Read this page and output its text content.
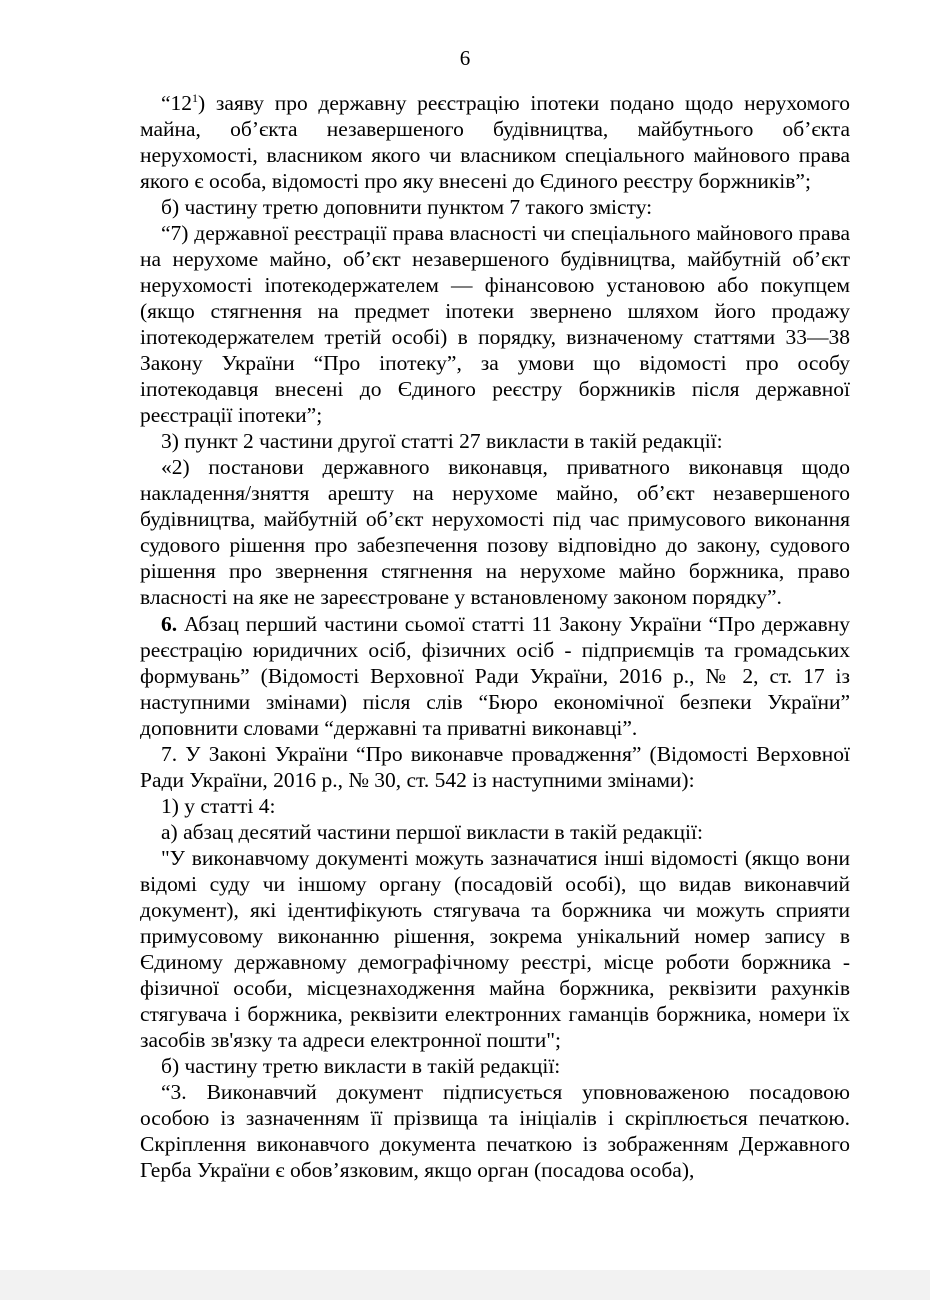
6

“$12^1$) заяву про державну реєстрацію іпотеки подано щодо нерухомого майна, об’єкта незавершеного будівництва, майбутнього об’єкта нерухомості, власником якого чи власником спеціального майнового права якого є особа, відомості про яку внесені до Єдиного реєстру боржників”;

б) частину третю доповнити пунктом 7 такого змісту:

“7) державної реєстрації права власності чи спеціального майнового права на нерухоме майно, об’єкт незавершеного будівництва, майбутній об’єкт нерухомості іпотекодержателем — фінансовою установою або покупцем (якщо стягнення на предмет іпотеки звернено шляхом його продажу іпотекодержателем третій особі) в порядку, визначеному статтями 33—38 Закону України “Про іпотеку”, за умови що відомості про особу іпотекодавця внесені до Єдиного реєстру боржників після державної реєстрації іпотеки”;

3) пункт 2 частини другої статті 27 викласти в такій редакції:

«2) постанови державного виконавця, приватного виконавця щодо накладення/зняття арешту на нерухоме майно, об’єкт незавершеного будівництва, майбутній об’єкт нерухомості під час примусового виконання судового рішення про забезпечення позову відповідно до закону, судового рішення про звернення стягнення на нерухоме майно боржника, право власності на яке не зареєстроване у встановленому законом порядку”.

6. Абзац перший частини сьомої статті 11 Закону України “Про державну реєстрацію юридичних осіб, фізичних осіб - підприємців та громадських формувань” (Відомості Верховної Ради України, 2016 р., № 2, ст. 17 із наступними змінами) після слів “Бюро економічної безпеки України” доповнити словами “державні та приватні виконавці”.

7. У Законі України “Про виконавче провадження” (Відомості Верховної Ради України, 2016 р., № 30, ст. 542 із наступними змінами):

1) у статті 4:

а) абзац десятий частини першої викласти в такій редакції:

"У виконавчому документі можуть зазначатися інші відомості (якщо вони відомі суду чи іншому органу (посадовій особі), що видав виконавчий документ), які ідентифікують стягувача та боржника чи можуть сприяти примусовому виконанню рішення, зокрема унікальний номер запису в Єдиному державному демографічному реєстрі, місце роботи боржника - фізичної особи, місцезнаходження майна боржника, реквізити рахунків стягувача і боржника, реквізити електронних гаманців боржника, номери їх засобів зв'язку та адреси електронної пошти";

б) частину третю викласти в такій редакції:

“3. Виконавчий документ підписується уповноваженою посадовою особою із зазначенням її прізвища та ініціалів і скріплюється печаткою. Скріплення виконавчого документа печаткою із зображенням Державного Герба України є обов’язковим, якщо орган (посадова особа),
